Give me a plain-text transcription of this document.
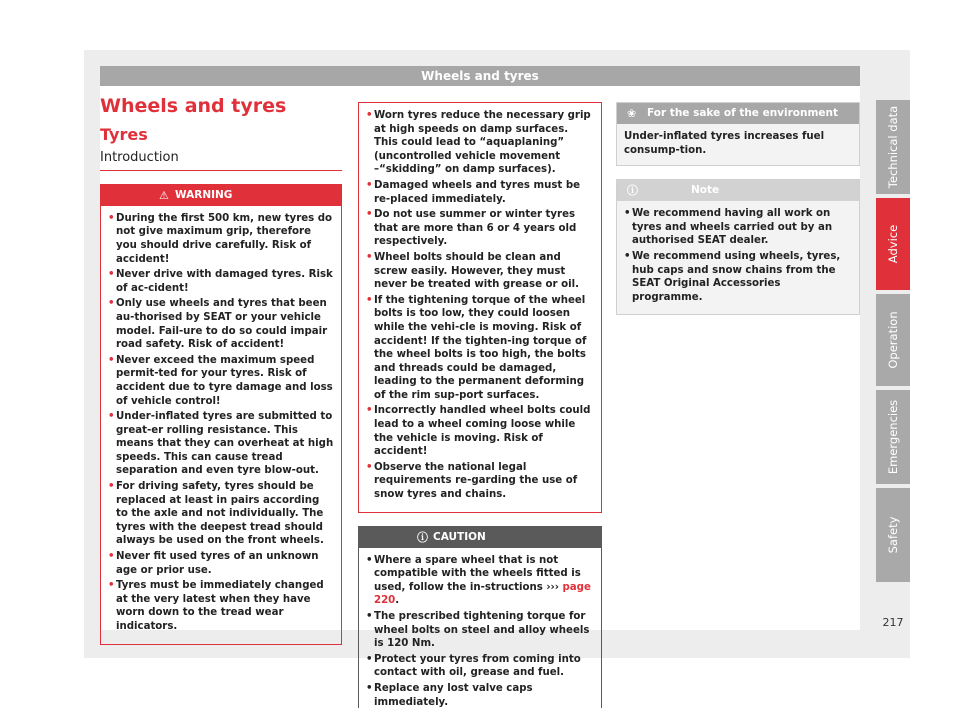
Wheels and tyres
Wheels and tyres
Tyres
Introduction
⚠ WARNING
• During the first 500 km, new tyres do not give maximum grip, therefore you should drive carefully. Risk of accident!
• Never drive with damaged tyres. Risk of ac-cident!
• Only use wheels and tyres that been au-thorised by SEAT or your vehicle model. Fail-ure to do so could impair road safety. Risk of accident!
• Never exceed the maximum speed permit-ted for your tyres. Risk of accident due to tyre damage and loss of vehicle control!
• Under-inflated tyres are submitted to great-er rolling resistance. This means that they can overheat at high speeds. This can cause tread separation and even tyre blow-out.
• For driving safety, tyres should be replaced at least in pairs according to the axle and not individually. The tyres with the deepest tread should always be used on the front wheels.
• Never fit used tyres of an unknown age or prior use.
• Tyres must be immediately changed at the very latest when they have worn down to the tread wear indicators.
• Worn tyres reduce the necessary grip at high speeds on damp surfaces. This could lead to “aquaplaning” (uncontrolled vehicle movement –“skidding” on damp surfaces).
• Damaged wheels and tyres must be re-placed immediately.
• Do not use summer or winter tyres that are more than 6 or 4 years old respectively.
• Wheel bolts should be clean and screw easily. However, they must never be treated with grease or oil.
• If the tightening torque of the wheel bolts is too low, they could loosen while the vehi-cle is moving. Risk of accident! If the tighten-ing torque of the wheel bolts is too high, the bolts and threads could be damaged, leading to the permanent deforming of the rim sup-port surfaces.
• Incorrectly handled wheel bolts could lead to a wheel coming loose while the vehicle is moving. Risk of accident!
• Observe the national legal requirements re-garding the use of snow tyres and chains.
ⓘ CAUTION
• Where a spare wheel that is not compatible with the wheels fitted is used, follow the in-structions ››› page 220.
• The prescribed tightening torque for wheel bolts on steel and alloy wheels is 120 Nm.
• Protect your tyres from coming into contact with oil, grease and fuel.
• Replace any lost valve caps immediately.
❀ For the sake of the environment
Under-inflated tyres increases fuel consump-tion.
ⓘ	Note
• We recommend having all work on tyres and wheels carried out by an authorised SEAT dealer.
• We recommend using wheels, tyres, hub caps and snow chains from the SEAT Original Accessories programme.
Technical data
Advice
Operation
Emergencies
Safety
217
